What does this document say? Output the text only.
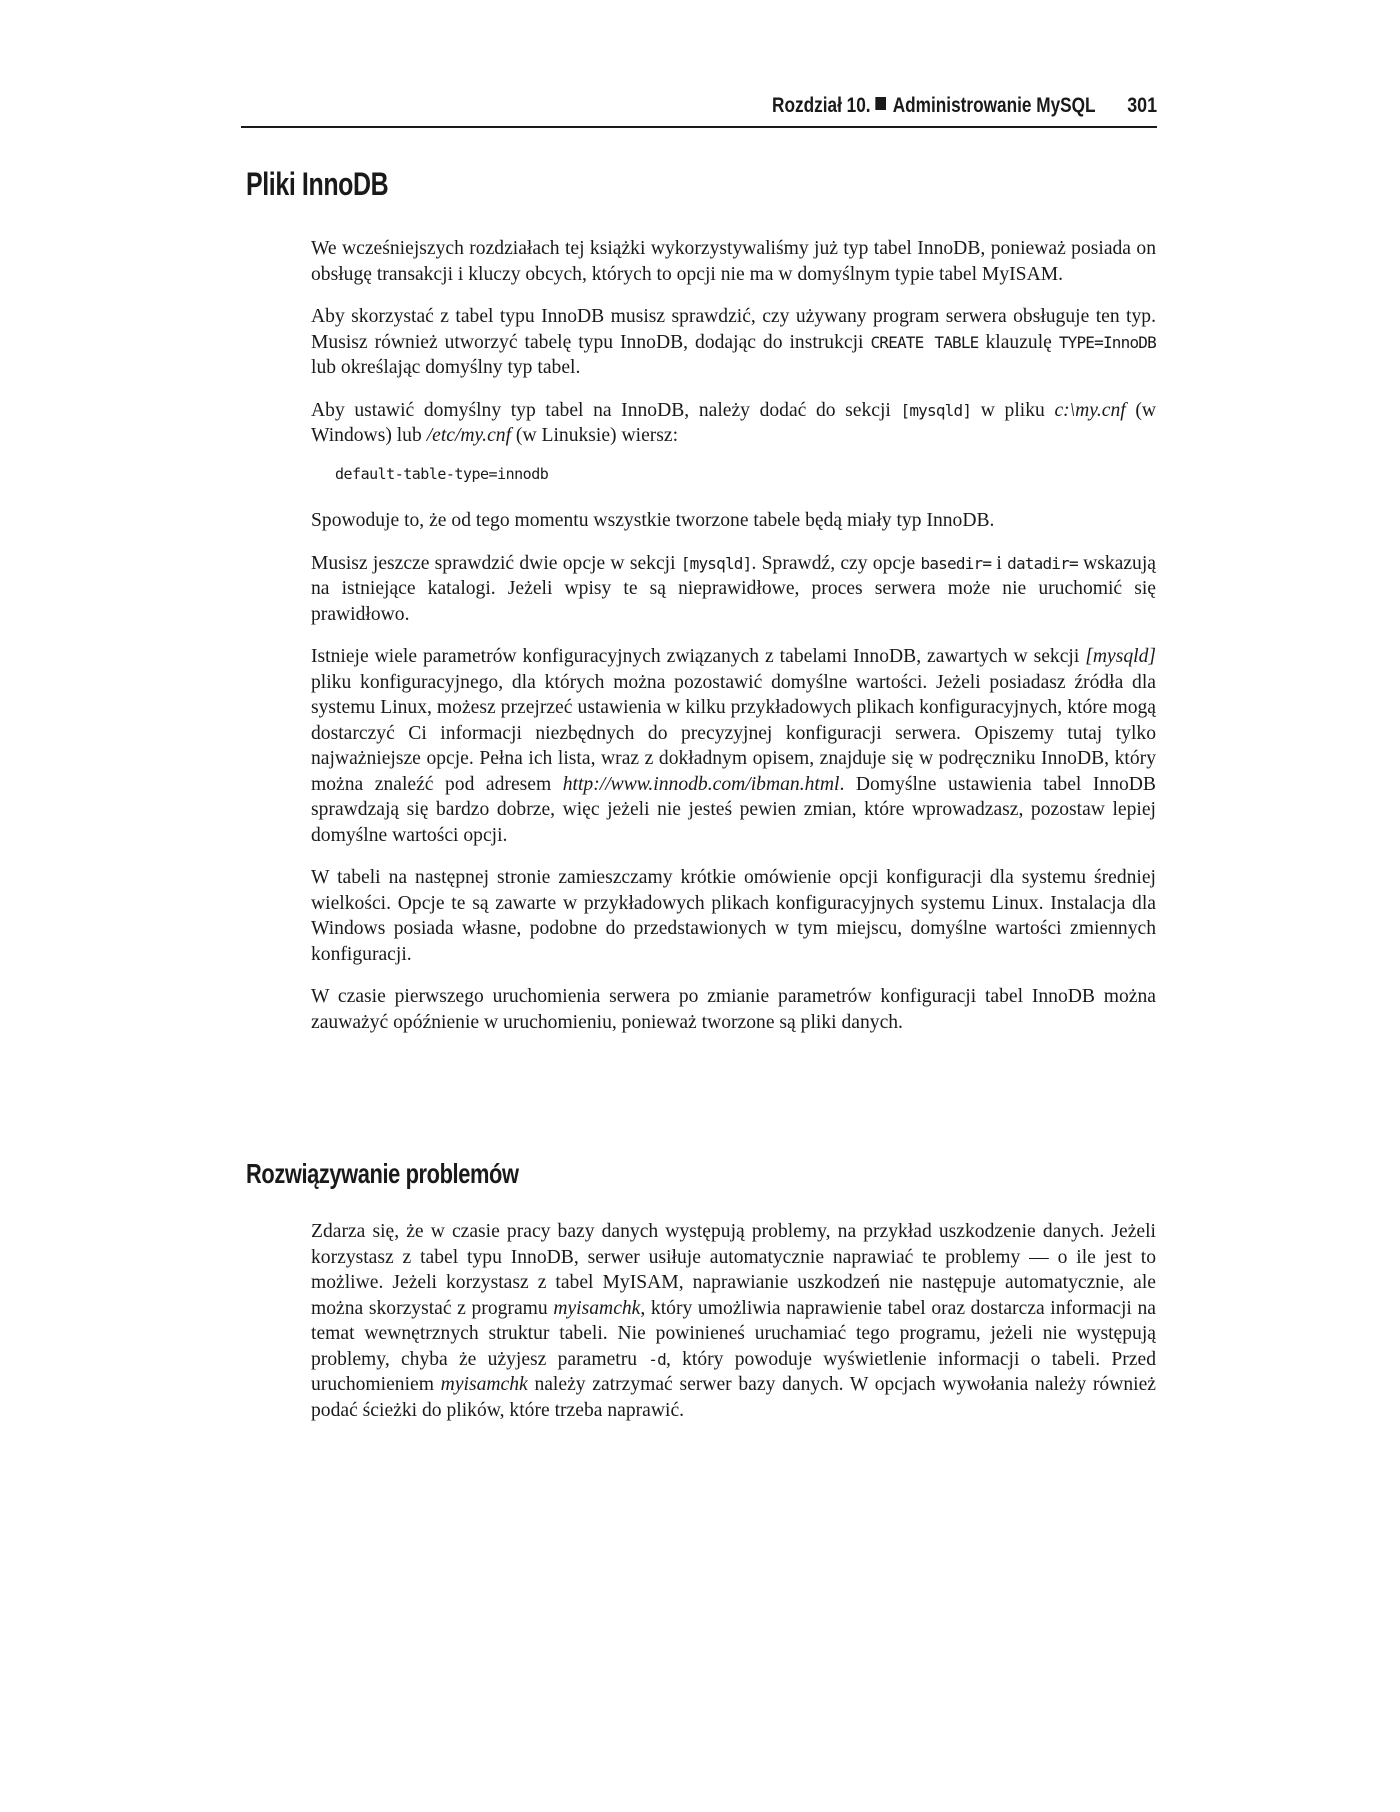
Rozdział 10. Administrowanie MySQL 301
Pliki InnoDB

We wcześniejszych rozdziałach tej książki wykorzystywaliśmy już typ tabel InnoDB, ponieważ posiada on obsługę transakcji i kluczy obcych, których to opcji nie ma w domyślnym typie tabel MyISAM.

Aby skorzystać z tabel typu InnoDB musisz sprawdzić, czy używany program serwera obsługuje ten typ. Musisz również utworzyć tabelę typu InnoDB, dodając do instrukcji CREATE TABLE klauzulę TYPE=InnoDB lub określając domyślny typ tabel.

Aby ustawić domyślny typ tabel na InnoDB, należy dodać do sekcji [mysqld] w pliku c:\my.cnf (w Windows) lub /etc/my.cnf (w Linuksie) wiersz:

default-table-type=innodb

Spowoduje to, że od tego momentu wszystkie tworzone tabele będą miały typ InnoDB.

Musisz jeszcze sprawdzić dwie opcje w sekcji [mysqld]. Sprawdź, czy opcje basedir= i datadir= wskazują na istniejące katalogi. Jeżeli wpisy te są nieprawidłowe, proces serwera może nie uruchomić się prawidłowo.

Istnieje wiele parametrów konfiguracyjnych związanych z tabelami InnoDB, zawartych w sekcji [mysqld] pliku konfiguracyjnego, dla których można pozostawić domyślne wartości. Jeżeli posiadasz źródła dla systemu Linux, możesz przejrzeć ustawienia w kilku przykładowych plikach konfiguracyjnych, które mogą dostarczyć Ci informacji niezbędnych do precyzyjnej konfiguracji serwera. Opiszemy tutaj tylko najważniejsze opcje. Pełna ich lista, wraz z dokładnym opisem, znajduje się w podręczniku InnoDB, który można znaleźć pod adresem http://www.innodb.com/ibman.html. Domyślne ustawienia tabel InnoDB sprawdzają się bardzo dobrze, więc jeżeli nie jesteś pewien zmian, które wprowadzasz, pozostaw lepiej domyślne wartości opcji.

W tabeli na następnej stronie zamieszczamy krótkie omówienie opcji konfiguracji dla systemu średniej wielkości. Opcje te są zawarte w przykładowych plikach konfiguracyjnych systemu Linux. Instalacja dla Windows posiada własne, podobne do przedstawionych w tym miejscu, domyślne wartości zmiennych konfiguracji.

W czasie pierwszego uruchomienia serwera po zmianie parametrów konfiguracji tabel InnoDB można zauważyć opóźnienie w uruchomieniu, ponieważ tworzone są pliki danych.

Rozwiązywanie problemów

Zdarza się, że w czasie pracy bazy danych występują problemy, na przykład uszkodzenie danych. Jeżeli korzystasz z tabel typu InnoDB, serwer usiłuje automatycznie naprawiać te problemy — o ile jest to możliwe. Jeżeli korzystasz z tabel MyISAM, naprawianie uszkodzeń nie następuje automatycznie, ale można skorzystać z programu myisamchk, który umożliwia naprawienie tabel oraz dostarcza informacji na temat wewnętrznych struktur tabeli. Nie powinieneś uruchamiać tego programu, jeżeli nie występują problemy, chyba że użyjesz parametru -d, który powoduje wyświetlenie informacji o tabeli. Przed uruchomieniem myisamchk należy zatrzymać serwer bazy danych. W opcjach wywołania należy również podać ścieżki do plików, które trzeba naprawić.
